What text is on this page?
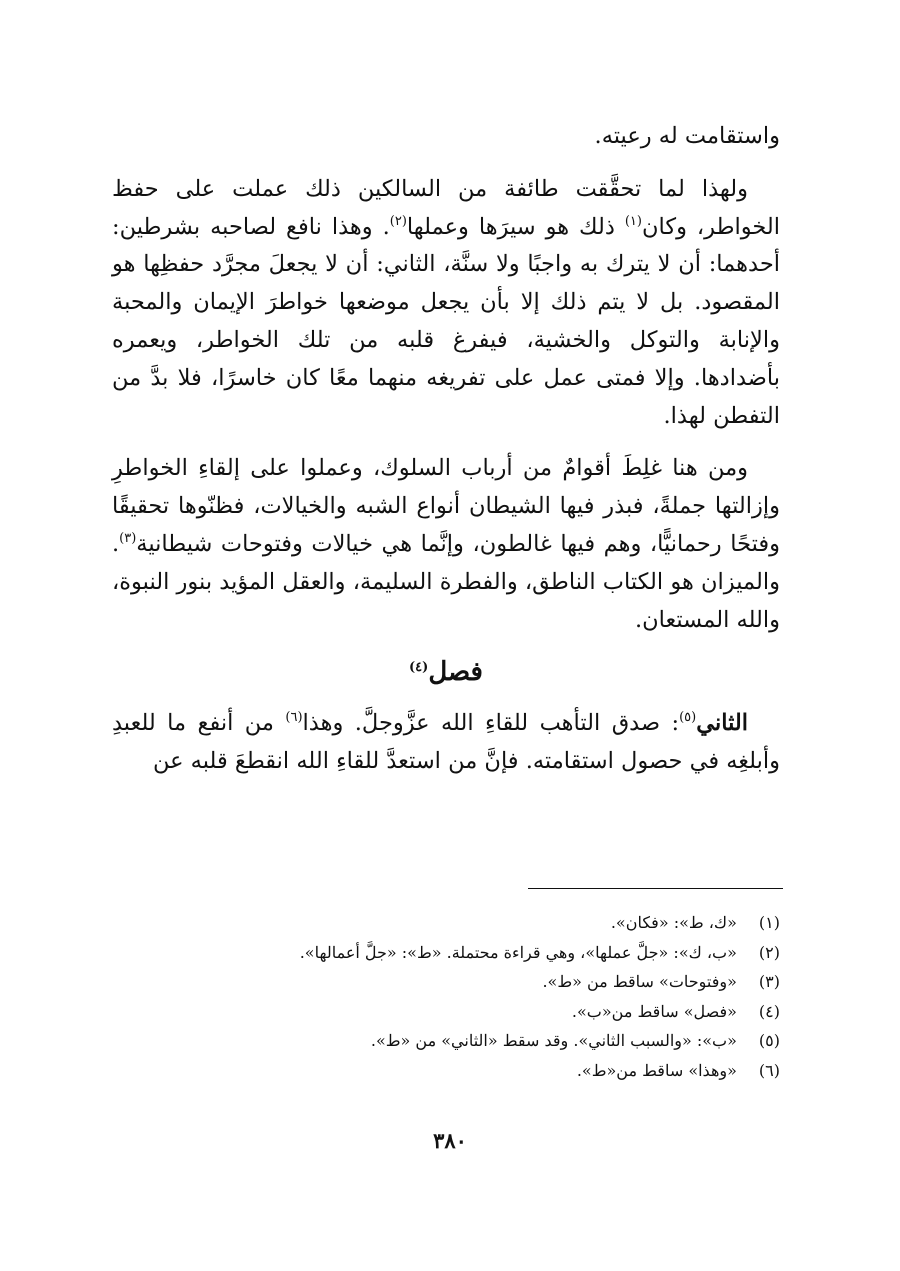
واستقامت له رعيته.

ولهذا لما تحقَّقت طائفة من السالكين ذلك عملت على حفظ الخواطر، وكان$^{(١)}$ ذلك هو سيرَها وعملها$^{(٢)}$. وهذا نافع لصاحبه بشرطين: أحدهما: أن لا يترك به واجبًا ولا سنَّة، الثاني: أن لا يجعلَ مجرَّد حفظِها هو المقصود. بل لا يتم ذلك إلا بأن يجعل موضعها خواطرَ الإيمان والمحبة والإنابة والتوكل والخشية، فيفرغ قلبه من تلك الخواطر، ويعمره بأضدادها. وإلا فمتى عمل على تفريغه منهما معًا كان خاسرًا، فلا بدَّ من التفطن لهذا.

ومن هنا غلِطَ أقوامٌ من أرباب السلوك، وعملوا على إلقاءِ الخواطرِ وإزالتها جملةً، فبذر فيها الشيطان أنواع الشبه والخيالات، فظنّوها تحقيقًا وفتحًا رحمانيًّا، وهم فيها غالطون، وإنَّما هي خيالات وفتوحات شيطانية$^{(٣)}$. والميزان هو الكتاب الناطق، والفطرة السليمة، والعقل المؤيد بنور النبوة، والله المستعان.

فصل$^{(٤)}$

الثاني$^{(٥)}$: صدق التأهب للقاءِ الله عزَّوجلَّ. وهذا$^{(٦)}$ من أنفع ما للعبدِ وأبلغِه في حصول استقامته. فإنَّ من استعدَّ للقاءِ الله انقطعَ قلبه عن

(١) «ك، ط»: «فكان».
(٢) «ب، ك»: «جلَّ عملها»، وهي قراءة محتملة. «ط»: «جلَّ أعمالها».
(٣) «وفتوحات» ساقط من «ط».
(٤) «فصل» ساقط من«ب».
(٥) «ب»: «والسبب الثاني». وقد سقط «الثاني» من «ط».
(٦) «وهذا» ساقط من«ط».
٣٨٠
